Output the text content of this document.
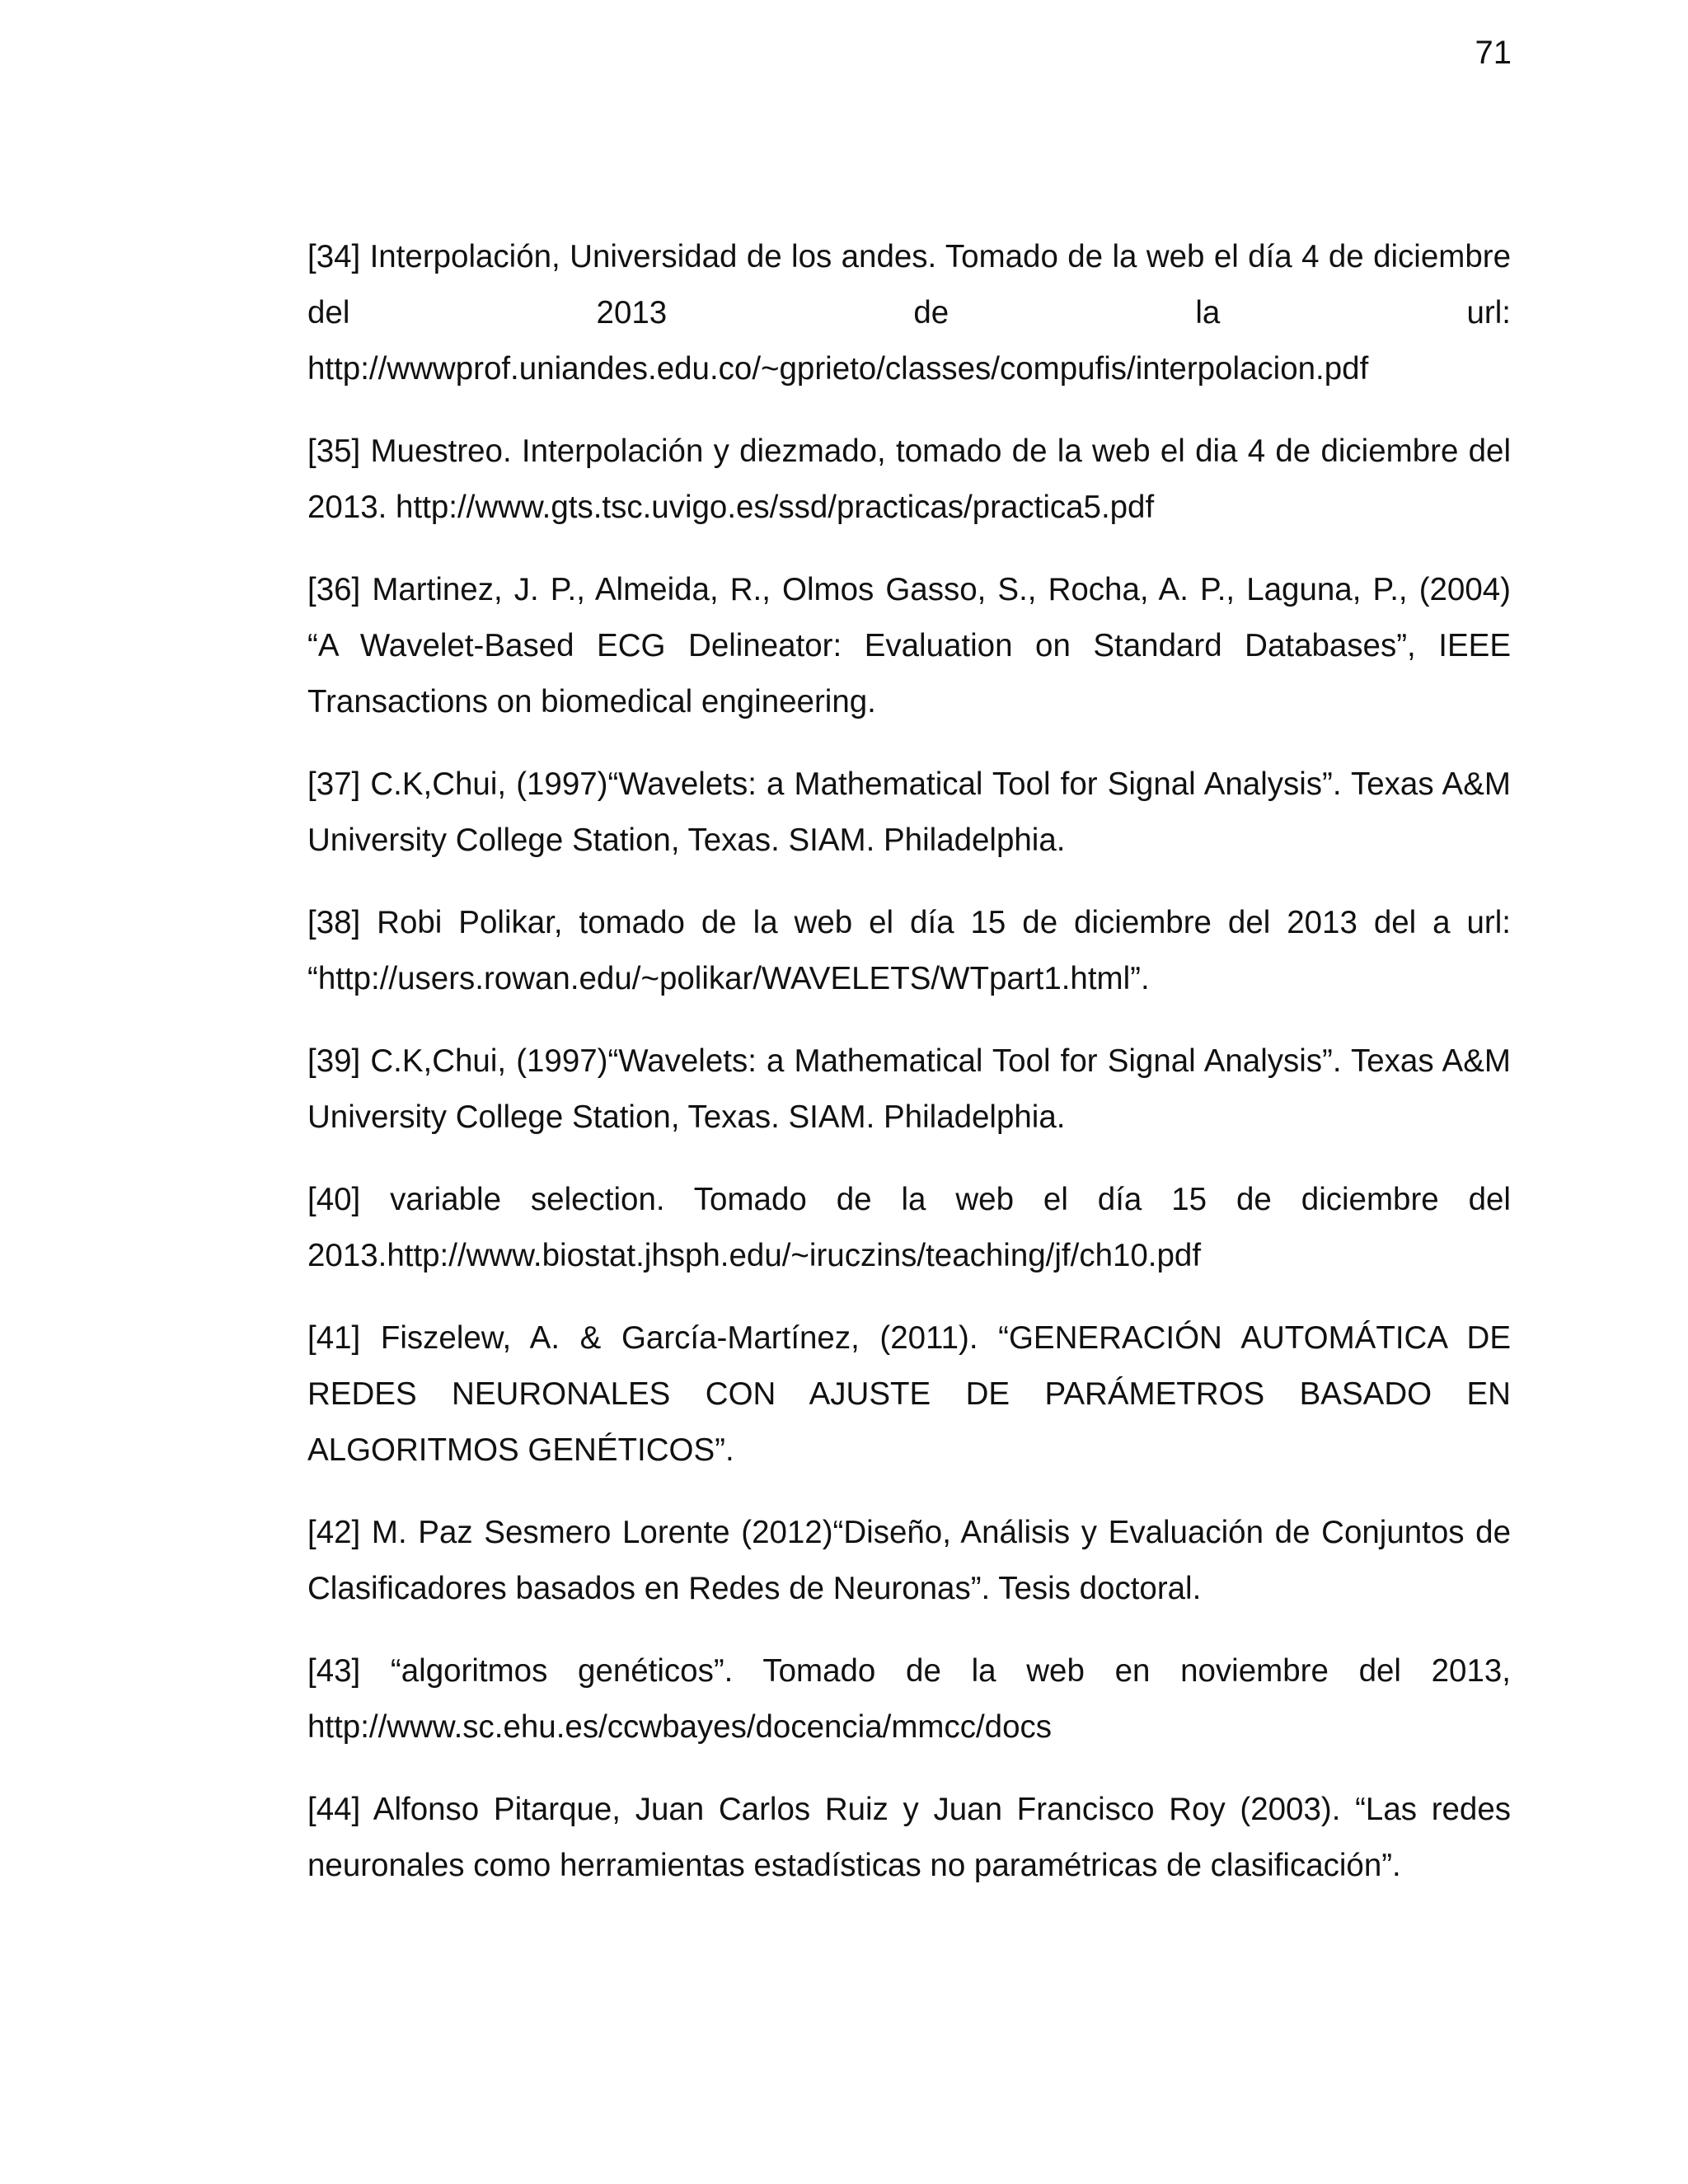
71
[34] Interpolación, Universidad de los andes. Tomado de la web el día 4 de diciembre del 2013 de la url: http://wwwprof.uniandes.edu.co/~gprieto/classes/compufis/interpolacion.pdf
[35] Muestreo. Interpolación y diezmado, tomado de la web el dia 4 de diciembre del 2013. http://www.gts.tsc.uvigo.es/ssd/practicas/practica5.pdf
[36] Martinez, J. P., Almeida, R., Olmos Gasso, S., Rocha, A. P., Laguna, P., (2004) “A Wavelet-Based ECG Delineator: Evaluation on Standard Databases”, IEEE Transactions on biomedical engineering.
[37] C.K,Chui, (1997)“Wavelets: a Mathematical Tool for Signal Analysis”. Texas A&M University College Station, Texas. SIAM. Philadelphia.
[38] Robi Polikar, tomado de la web el día 15 de diciembre del 2013 del a url: “http://users.rowan.edu/~polikar/WAVELETS/WTpart1.html”.
[39] C.K,Chui, (1997)“Wavelets: a Mathematical Tool for Signal Analysis”. Texas A&M University College Station, Texas. SIAM. Philadelphia.
[40] variable selection. Tomado de la web el día 15 de diciembre del 2013.http://www.biostat.jhsph.edu/~iruczins/teaching/jf/ch10.pdf
[41] Fiszelew, A. & García-Martínez, (2011). “GENERACIÓN AUTOMÁTICA DE REDES NEURONALES CON AJUSTE DE PARÁMETROS BASADO EN ALGORITMOS GENÉTICOS”.
[42] M. Paz Sesmero Lorente (2012)“Diseño, Análisis y Evaluación de Conjuntos de Clasificadores basados en Redes de Neuronas”. Tesis doctoral.
[43] “algoritmos genéticos”. Tomado de la web en noviembre del 2013, http://www.sc.ehu.es/ccwbayes/docencia/mmcc/docs
[44] Alfonso Pitarque, Juan Carlos Ruiz y Juan Francisco Roy (2003). “Las redes neuronales como herramientas estadísticas no paramétricas de clasificación”.
